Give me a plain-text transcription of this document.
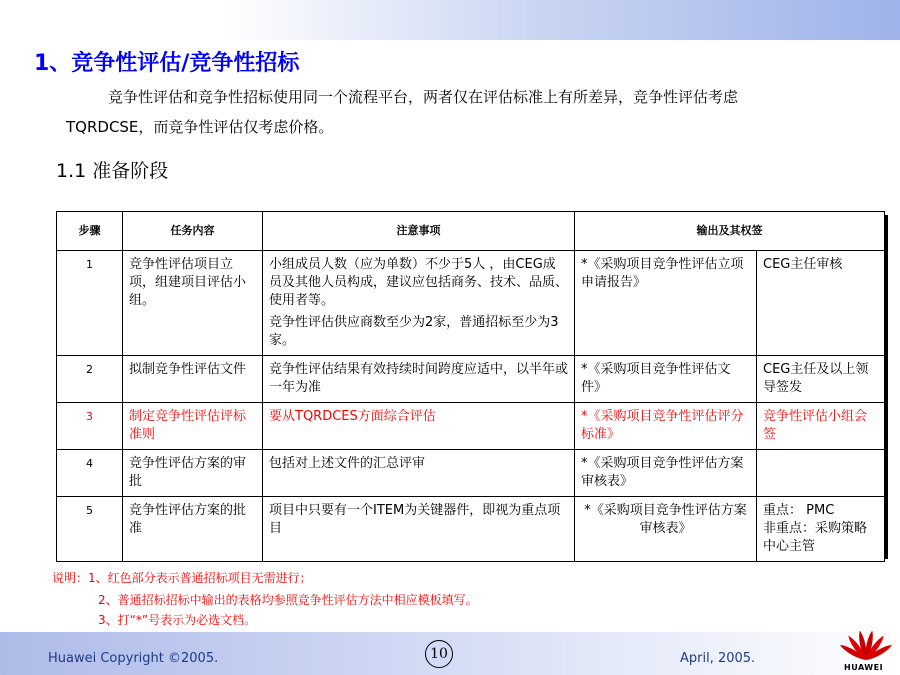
1、竞争性评估/竞争性招标
竞争性评估和竞争性招标使用同一个流程平台，两者仅在评估标准上有所差异，竞争性评估考虑
TQRDCSE，而竞争性评估仅考虑价格。
1.1 准备阶段
步骤	任务内容	注意事项	输出及其权签	
1	竞争性评估项目立项，组建项目评估小组。	小组成员人数（应为单数）不少于5人 ，由CEG成员及其他人员构成，建议应包括商务、技术、品质、使用者等。
竞争性评估供应商数至少为2家，普通招标至少为3家。	*《采购项目竞争性评估立项申请报告》	CEG主任审核
2	拟制竞争性评估文件	竞争性评估结果有效持续时间跨度应适中，以半年或一年为准	*《采购项目竞争性评估文件》	CEG主任及以上领导签发
3	制定竞争性评估评标准则	要从TQRDCES方面综合评估	*《采购项目竞争性评估评分标准》	竞争性评估小组会签
4	竞争性评估方案的审批	包括对上述文件的汇总评审	*《采购项目竞争性评估方案审核表》	
5	竞争性评估方案的批准	项目中只要有一个ITEM为关键器件，即视为重点项目	*《采购项目竞争性评估方案审核表》	重点： PMC
非重点：采购策略中心主管
说明：1、红色部分表示普通招标项目无需进行；
2、普通招标招标中输出的表格均参照竞争性评估方法中相应模板填写。
3、打“*”号表示为必选文档。
Huawei Copyright ©2005.	10	April, 2005.
HUAWEI
